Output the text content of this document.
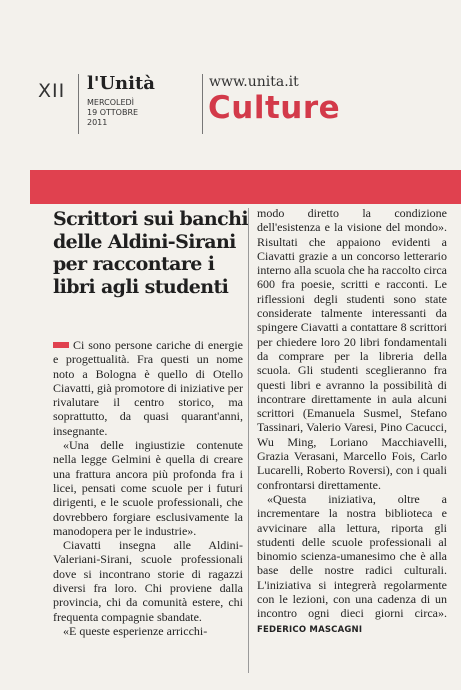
XII l'Unità
MERCOLEDÌ
19 OTTOBRE
2011
www.unita.it
Culture
Scrittori sui banchi delle Aldini-Sirani per raccontare i libri agli studenti

Ci sono persone cariche di energie e progettualità. Fra questi un nome noto a Bologna è quello di Otello Ciavatti, già promotore di iniziative per rivalutare il centro storico, ma soprattutto, da quasi quarant'anni, insegnante.

«Una delle ingiustizie contenute nella legge Gelmini è quella di creare una frattura ancora più profonda fra i licei, pensati come scuole per i futuri dirigenti, e le scuole professionali, che dovrebbero forgiare esclusivamente la manodopera per le industrie».

Ciavatti insegna alle Aldini-Valeriani-Sirani, scuole professionali dove si incontrano storie di ragazzi diversi fra loro. Chi proviene dalla provincia, chi da comunità estere, chi frequenta compagnie sbandate.

«E queste esperienze arricchi-

modo diretto la condizione dell'esistenza e la visione del mondo». Risultati che appaiono evidenti a Ciavatti grazie a un concorso letterario interno alla scuola che ha raccolto circa 600 fra poesie, scritti e racconti. Le riflessioni degli studenti sono state considerate talmente interessanti da spingere Ciavatti a contattare 8 scrittori per chiedere loro 20 libri fondamentali da comprare per la libreria della scuola. Gli studenti sceglieranno fra questi libri e avranno la possibilità di incontrare direttamente in aula alcuni scrittori (Emanuela Susmel, Stefano Tassinari, Valerio Varesi, Pino Cacucci, Wu Ming, Loriano Macchiavelli, Grazia Verasani, Marcello Fois, Carlo Lucarelli, Roberto Roversi), con i quali confrontarsi direttamente.

«Questa iniziativa, oltre a incrementare la nostra biblioteca e avvicinare alla lettura, riporta gli studenti delle scuole professionali al binomio scienza-umanesimo che è alla base delle nostre radici culturali. L'iniziativa si integrerà regolarmente con le lezioni, con una cadenza di un incontro ogni dieci giorni circa». FEDERICO MASCAGNI
